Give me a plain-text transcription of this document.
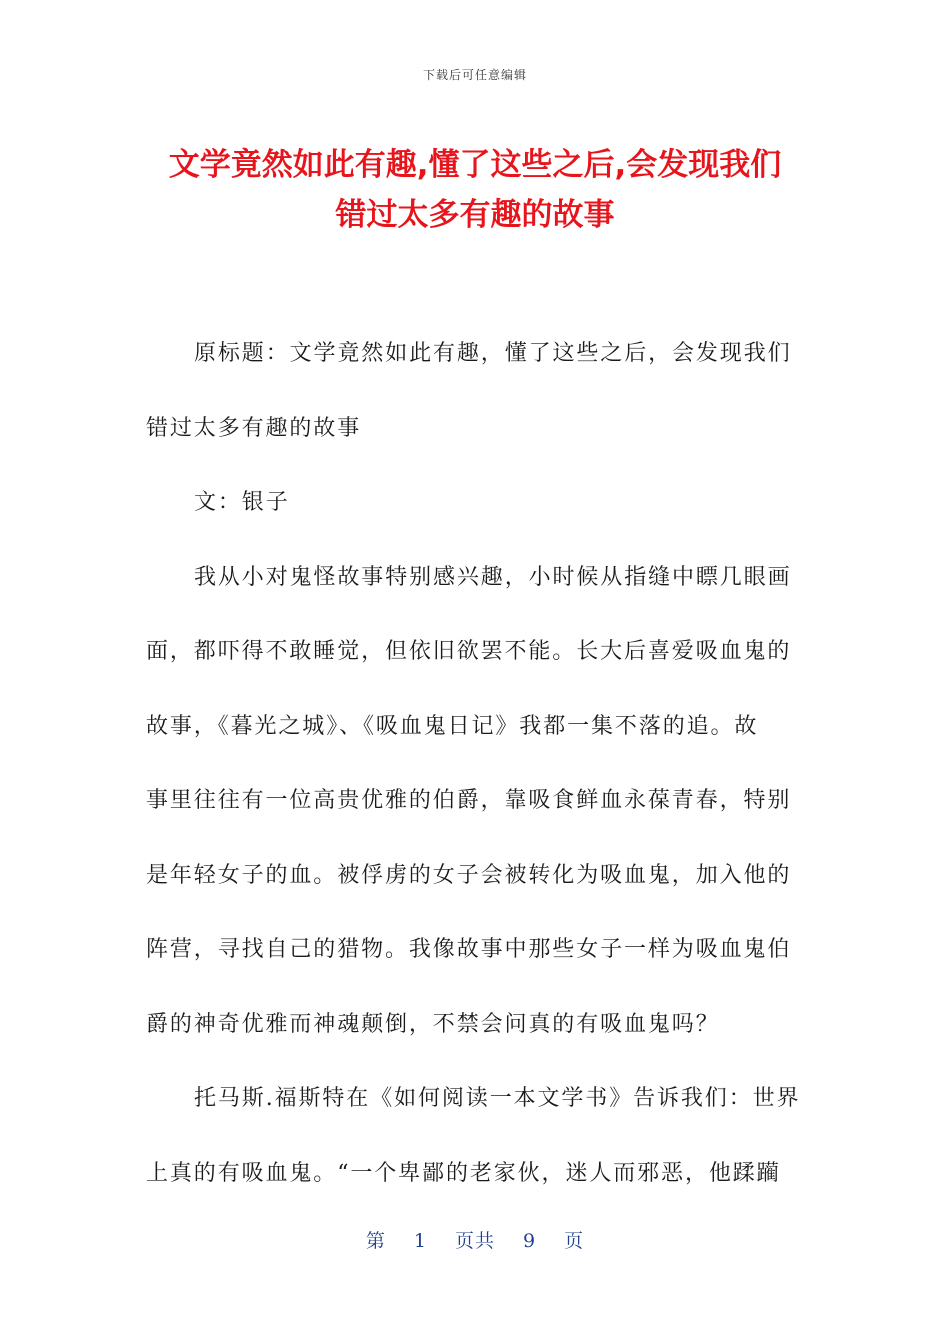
下载后可任意编辑
文学竟然如此有趣,懂了这些之后,会发现我们
错过太多有趣的故事

原标题：文学竟然如此有趣，懂了这些之后，会发现我们
错过太多有趣的故事

文：银子

我从小对鬼怪故事特别感兴趣，小时候从指缝中瞟几眼画
面，都吓得不敢睡觉，但依旧欲罢不能。长大后喜爱吸血鬼的
故事，《暮光之城》、《吸血鬼日记》我都一集不落的追。故
事里往往有一位高贵优雅的伯爵，靠吸食鲜血永葆青春，特别
是年轻女子的血。被俘虏的女子会被转化为吸血鬼，加入他的
阵营，寻找自己的猎物。我像故事中那些女子一样为吸血鬼伯
爵的神奇优雅而神魂颠倒，不禁会问真的有吸血鬼吗？

托马斯.福斯特在《如何阅读一本文学书》告诉我们：世界
上真的有吸血鬼。“一个卑鄙的老家伙，迷人而邪恶，他蹂躏

第 1 页共 9 页
